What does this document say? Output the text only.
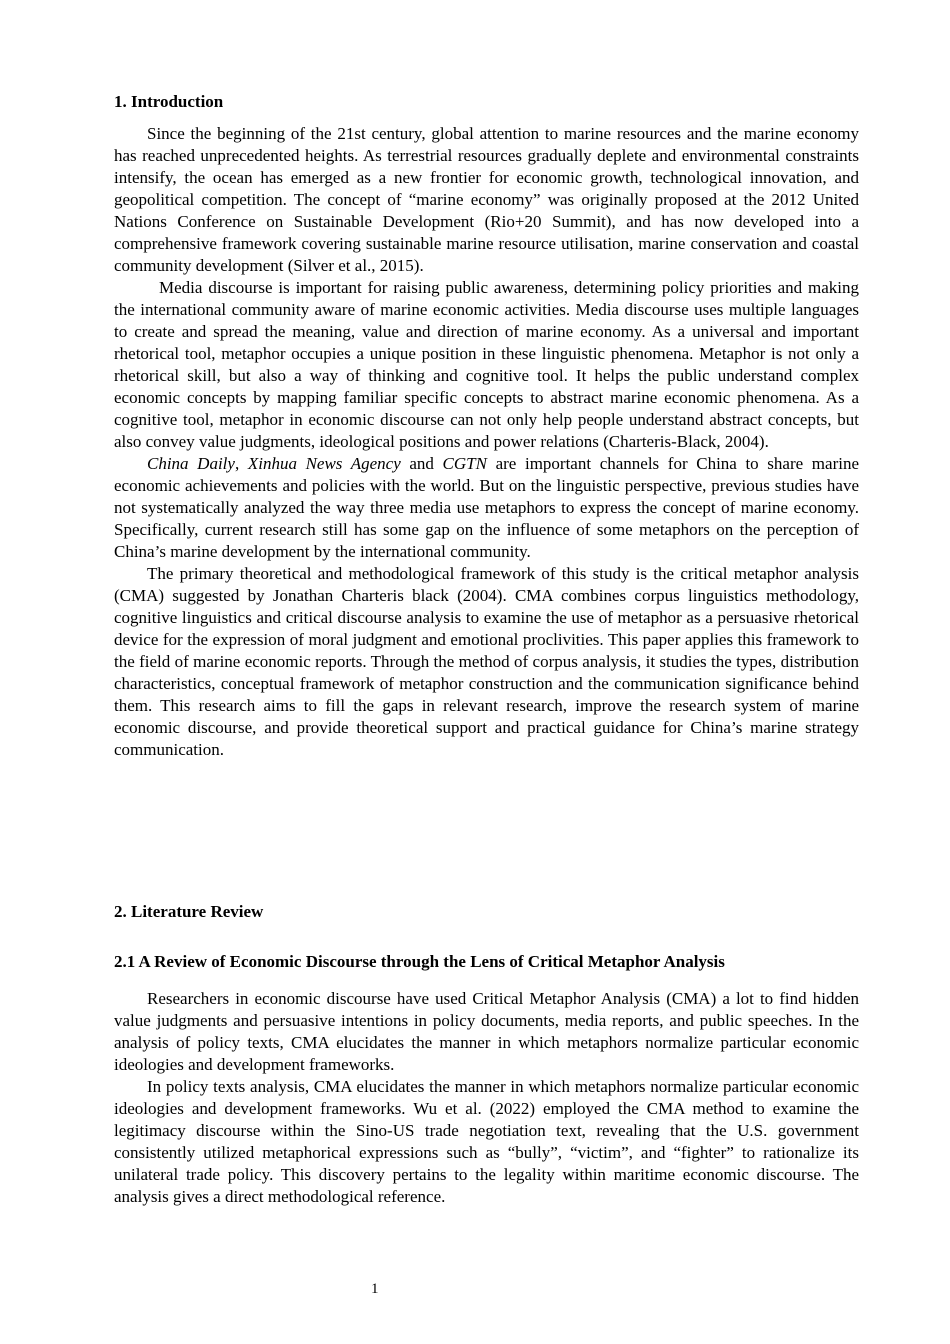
1. Introduction

Since the beginning of the 21st century, global attention to marine resources and the marine economy has reached unprecedented heights. As terrestrial resources gradually deplete and environmental constraints intensify, the ocean has emerged as a new frontier for economic growth, technological innovation, and geopolitical competition. The concept of “marine economy” was originally proposed at the 2012 United Nations Conference on Sustainable Development (Rio+20 Summit), and has now developed into a comprehensive framework covering sustainable marine resource utilisation, marine conservation and coastal community development (Silver et al., 2015).

Media discourse is important for raising public awareness, determining policy priorities and making the international community aware of marine economic activities. Media discourse uses multiple languages to create and spread the meaning, value and direction of marine economy. As a universal and important rhetorical tool, metaphor occupies a unique position in these linguistic phenomena. Metaphor is not only a rhetorical skill, but also a way of thinking and cognitive tool. It helps the public understand complex economic concepts by mapping familiar specific concepts to abstract marine economic phenomena. As a cognitive tool, metaphor in economic discourse can not only help people understand abstract concepts, but also convey value judgments, ideological positions and power relations (Charteris-Black, 2004).

China Daily, Xinhua News Agency and CGTN are important channels for China to share marine economic achievements and policies with the world. But on the linguistic perspective, previous studies have not systematically analyzed the way three media use metaphors to express the concept of marine economy. Specifically, current research still has some gap on the influence of some metaphors on the perception of China’s marine development by the international community.

The primary theoretical and methodological framework of this study is the critical metaphor analysis (CMA) suggested by Jonathan Charteris black (2004). CMA combines corpus linguistics methodology, cognitive linguistics and critical discourse analysis to examine the use of metaphor as a persuasive rhetorical device for the expression of moral judgment and emotional proclivities. This paper applies this framework to the field of marine economic reports. Through the method of corpus analysis, it studies the types, distribution characteristics, conceptual framework of metaphor construction and the communication significance behind them. This research aims to fill the gaps in relevant research, improve the research system of marine economic discourse, and provide theoretical support and practical guidance for China’s marine strategy communication.

2. Literature Review
2.1 A Review of Economic Discourse through the Lens of Critical Metaphor Analysis

Researchers in economic discourse have used Critical Metaphor Analysis (CMA) a lot to find hidden value judgments and persuasive intentions in policy documents, media reports, and public speeches. In the analysis of policy texts, CMA elucidates the manner in which metaphors normalize particular economic ideologies and development frameworks.

In policy texts analysis, CMA elucidates the manner in which metaphors normalize particular economic ideologies and development frameworks. Wu et al. (2022) employed the CMA method to examine the legitimacy discourse within the Sino-US trade negotiation text, revealing that the U.S. government consistently utilized metaphorical expressions such as “bully”, “victim”, and “fighter” to rationalize its unilateral trade policy. This discovery pertains to the legality within maritime economic discourse. The analysis gives a direct methodological reference.

1
